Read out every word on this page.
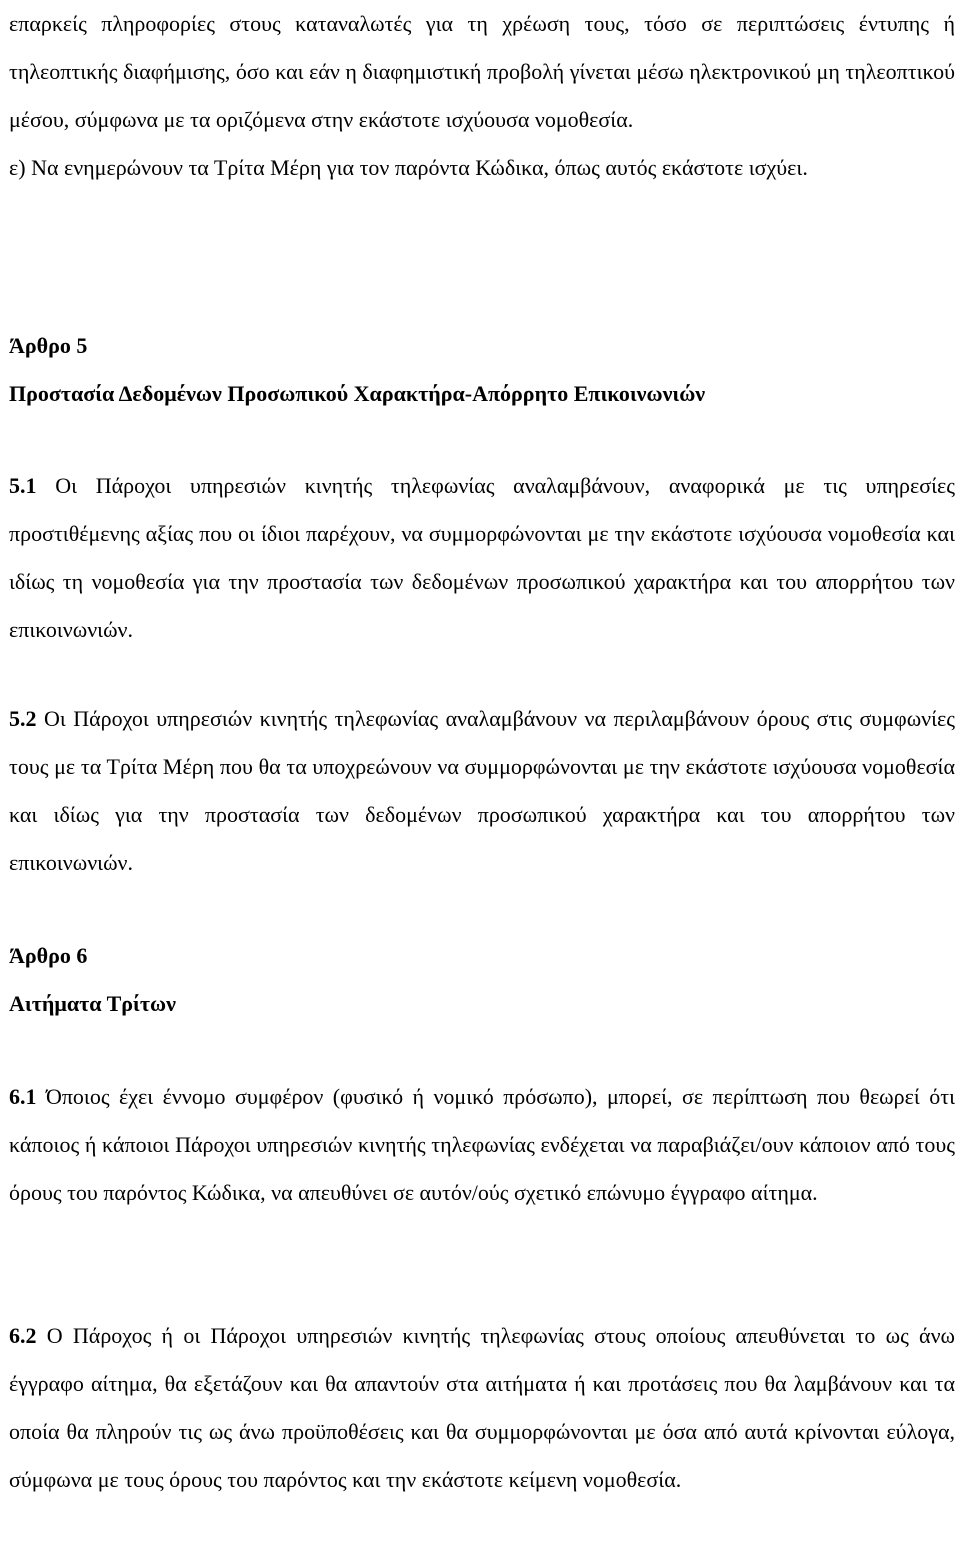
επαρκείς πληροφορίες στους καταναλωτές για τη χρέωση τους, τόσο σε περιπτώσεις έντυπης ή τηλεοπτικής διαφήμισης, όσο και εάν η διαφημιστική προβολή γίνεται μέσω ηλεκτρονικού μη τηλεοπτικού μέσου, σύμφωνα με τα οριζόμενα στην εκάστοτε ισχύουσα νομοθεσία.

ε) Να ενημερώνουν τα Τρίτα Μέρη για τον παρόντα Κώδικα, όπως αυτός εκάστοτε ισχύει.

Άρθρο 5

Προστασία Δεδομένων Προσωπικού Χαρακτήρα-Απόρρητο Επικοινωνιών

5.1 Οι Πάροχοι υπηρεσιών κινητής τηλεφωνίας αναλαμβάνουν, αναφορικά με τις υπηρεσίες προστιθέμενης αξίας που οι ίδιοι παρέχουν, να συμμορφώνονται με την εκάστοτε ισχύουσα νομοθεσία και ιδίως τη νομοθεσία για την προστασία των δεδομένων προσωπικού χαρακτήρα και του απορρήτου των επικοινωνιών.

5.2 Οι Πάροχοι υπηρεσιών κινητής τηλεφωνίας αναλαμβάνουν να περιλαμβάνουν όρους στις συμφωνίες τους με τα Τρίτα Μέρη που θα τα υποχρεώνουν να συμμορφώνονται με την εκάστοτε ισχύουσα νομοθεσία και ιδίως για την προστασία των δεδομένων προσωπικού χαρακτήρα και του απορρήτου των επικοινωνιών.

Άρθρο 6

Αιτήματα Τρίτων

6.1 Όποιος έχει έννομο συμφέρον (φυσικό ή νομικό πρόσωπο), μπορεί, σε περίπτωση που θεωρεί ότι κάποιος ή κάποιοι Πάροχοι υπηρεσιών κινητής τηλεφωνίας ενδέχεται να παραβιάζει/ουν κάποιον από τους όρους του παρόντος Κώδικα, να απευθύνει σε αυτόν/ούς σχετικό επώνυμο έγγραφο αίτημα.

6.2 Ο Πάροχος ή οι Πάροχοι υπηρεσιών κινητής τηλεφωνίας στους οποίους απευθύνεται το ως άνω έγγραφο αίτημα, θα εξετάζουν και θα απαντούν στα αιτήματα ή και προτάσεις που θα λαμβάνουν και τα οποία θα πληρούν τις ως άνω προϋποθέσεις και θα συμμορφώνονται με όσα από αυτά κρίνονται εύλογα, σύμφωνα με τους όρους του παρόντος και την εκάστοτε κείμενη νομοθεσία.
